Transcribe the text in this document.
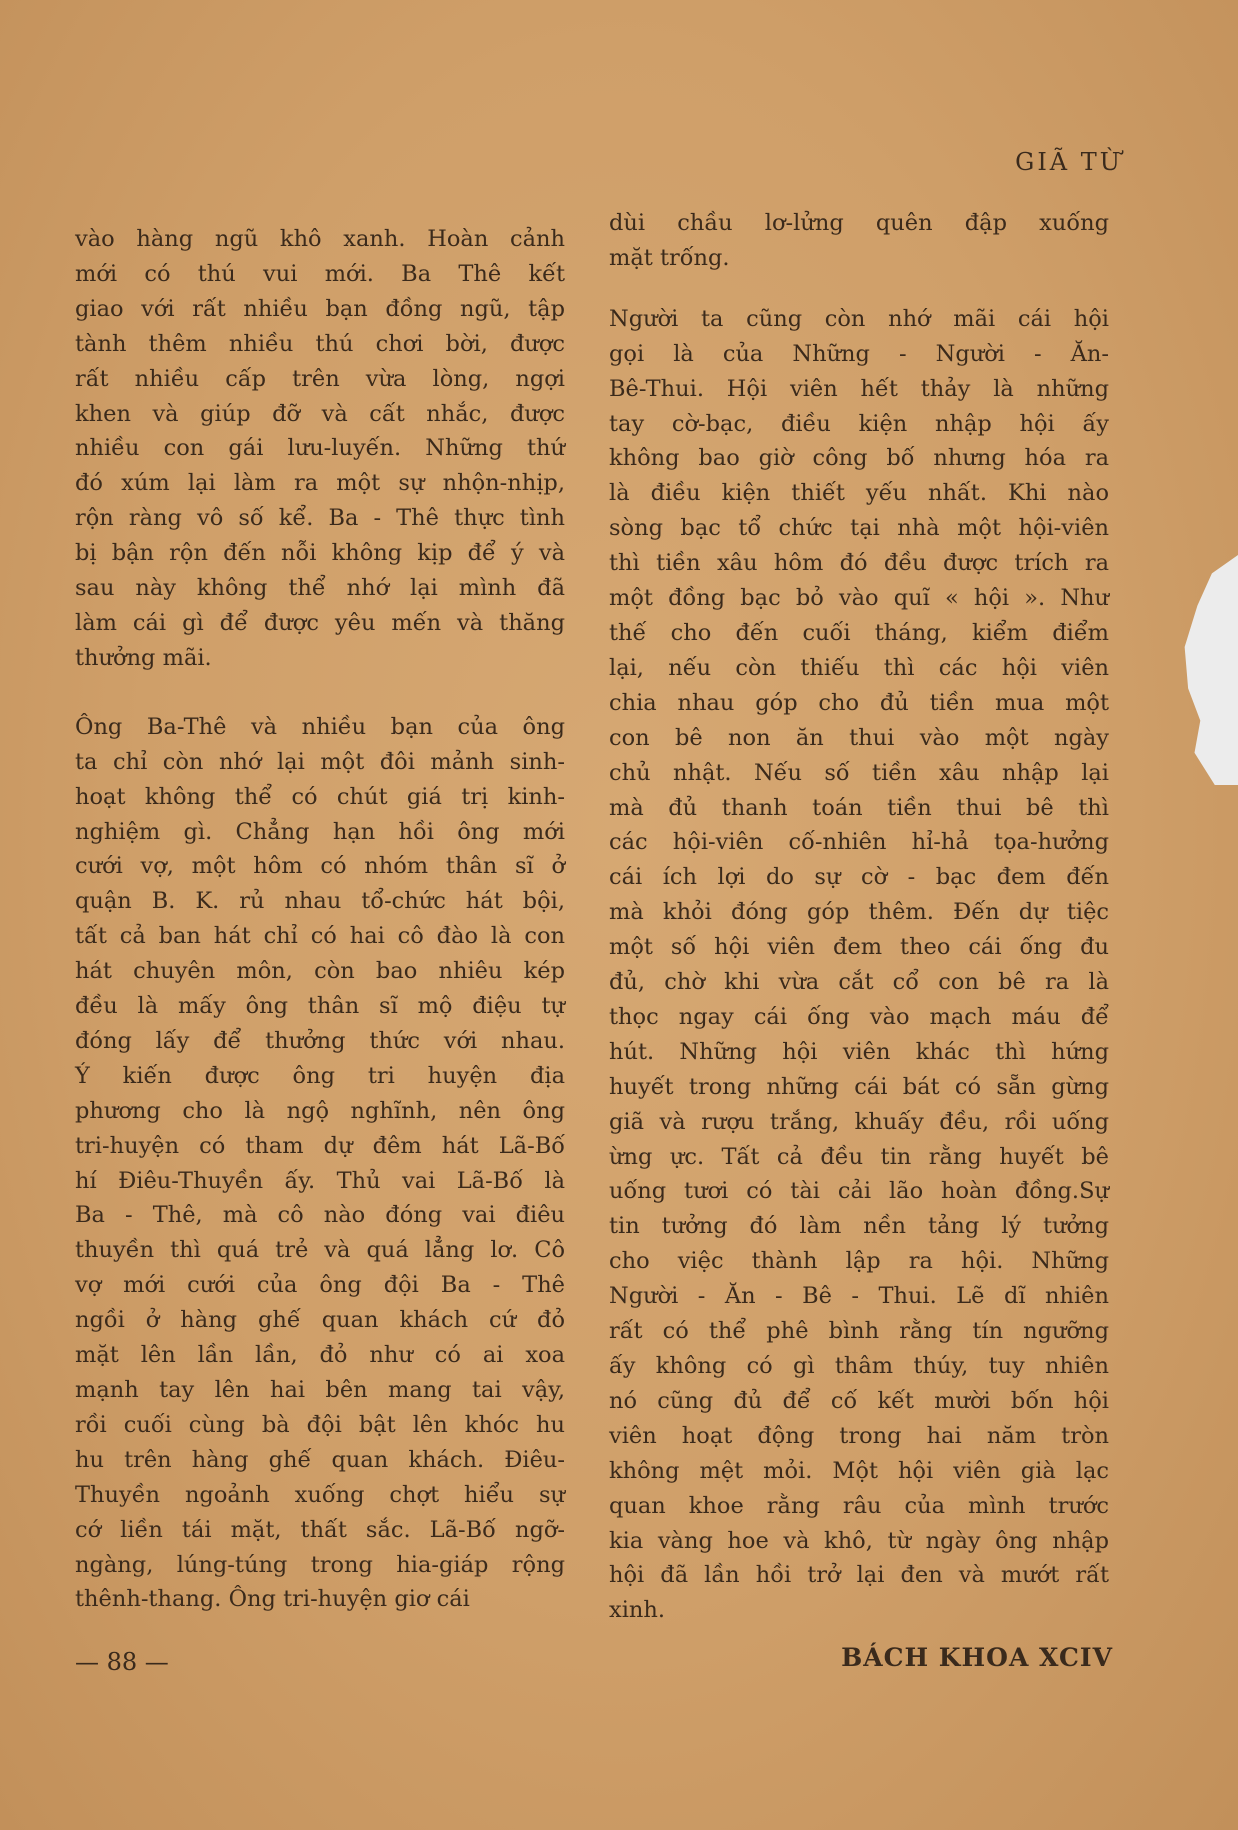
GIÃ TỪ

vào hàng ngũ khô xanh. Hoàn cảnh
mới có thú vui mới. Ba Thê kết
giao với rất nhiều bạn đồng ngũ, tập
tành thêm nhiều thú chơi bời, được
rất nhiều cấp trên vừa lòng, ngợi
khen và giúp đỡ và cất nhắc, được
nhiều con gái lưu-luyến. Những thứ
đó xúm lại làm ra một sự nhộn-nhịp,
rộn ràng vô số kể. Ba - Thê thực tình
bị bận rộn đến nỗi không kịp để ý và
sau này không thể nhớ lại mình đã
làm cái gì để được yêu mến và thăng
thưởng mãi.

Ông Ba-Thê và nhiều bạn của ông
ta chỉ còn nhớ lại một đôi mảnh sinh-
hoạt không thể có chút giá trị kinh-
nghiệm gì. Chẳng hạn hồi ông mới
cưới vợ, một hôm có nhóm thân sĩ ở
quận B. K. rủ nhau tổ-chức hát bội,
tất cả ban hát chỉ có hai cô đào là con
hát chuyên môn, còn bao nhiêu kép
đều là mấy ông thân sĩ mộ điệu tự
đóng lấy để thưởng thức với nhau.
Ý kiến được ông tri huyện địa
phương cho là ngộ nghĩnh, nên ông
tri-huyện có tham dự đêm hát Lã-Bố
hí Điêu-Thuyền ấy. Thủ vai Lã-Bố là
Ba - Thê, mà cô nào đóng vai điêu
thuyền thì quá trẻ và quá lẳng lơ. Cô
vợ mới cưới của ông đội Ba - Thê
ngồi ở hàng ghế quan khách cứ đỏ
mặt lên lần lần, đỏ như có ai xoa
mạnh tay lên hai bên mang tai vậy,
rồi cuối cùng bà đội bật lên khóc hu
hu trên hàng ghế quan khách. Điêu-
Thuyền ngoảnh xuống chợt hiểu sự
cớ liền tái mặt, thất sắc. Lã-Bố ngỡ-
ngàng, lúng-túng trong hia-giáp rộng
thênh-thang. Ông tri-huyện giơ cái

dùi chầu lơ-lửng quên đập xuống
mặt trống.

Người ta cũng còn nhớ mãi cái hội
gọi là của Những - Người - Ăn-
Bê-Thui. Hội viên hết thảy là những
tay cờ-bạc, điều kiện nhập hội ấy
không bao giờ công bố nhưng hóa ra
là điều kiện thiết yếu nhất. Khi nào
sòng bạc tổ chức tại nhà một hội-viên
thì tiền xâu hôm đó đều được trích ra
một đồng bạc bỏ vào quĩ « hội ». Như
thế cho đến cuối tháng, kiểm điểm
lại, nếu còn thiếu thì các hội viên
chia nhau góp cho đủ tiền mua một
con bê non ăn thui vào một ngày
chủ nhật. Nếu số tiền xâu nhập lại
mà đủ thanh toán tiền thui bê thì
các hội-viên cố-nhiên hỉ-hả tọa-hưởng
cái ích lợi do sự cờ - bạc đem đến
mà khỏi đóng góp thêm. Đến dự tiệc
một số hội viên đem theo cái ống đu
đủ, chờ khi vừa cắt cổ con bê ra là
thọc ngay cái ống vào mạch máu để
hút. Những hội viên khác thì hứng
huyết trong những cái bát có sẵn gừng
giã và rượu trắng, khuấy đều, rồi uống
ừng ực. Tất cả đều tin rằng huyết bê
uống tươi có tài cải lão hoàn đồng.Sự
tin tưởng đó làm nền tảng lý tưởng
cho việc thành lập ra hội. Những
Người - Ăn - Bê - Thui. Lẽ dĩ nhiên
rất có thể phê bình rằng tín ngưỡng
ấy không có gì thâm thúy, tuy nhiên
nó cũng đủ để cố kết mười bốn hội
viên hoạt động trong hai năm tròn
không mệt mỏi. Một hội viên già lạc
quan khoe rằng râu của mình trước
kia vàng hoe và khô, từ ngày ông nhập
hội đã lần hồi trở lại đen và mướt rất
xinh.

— 88 —	BÁCH KHOA XCIV
